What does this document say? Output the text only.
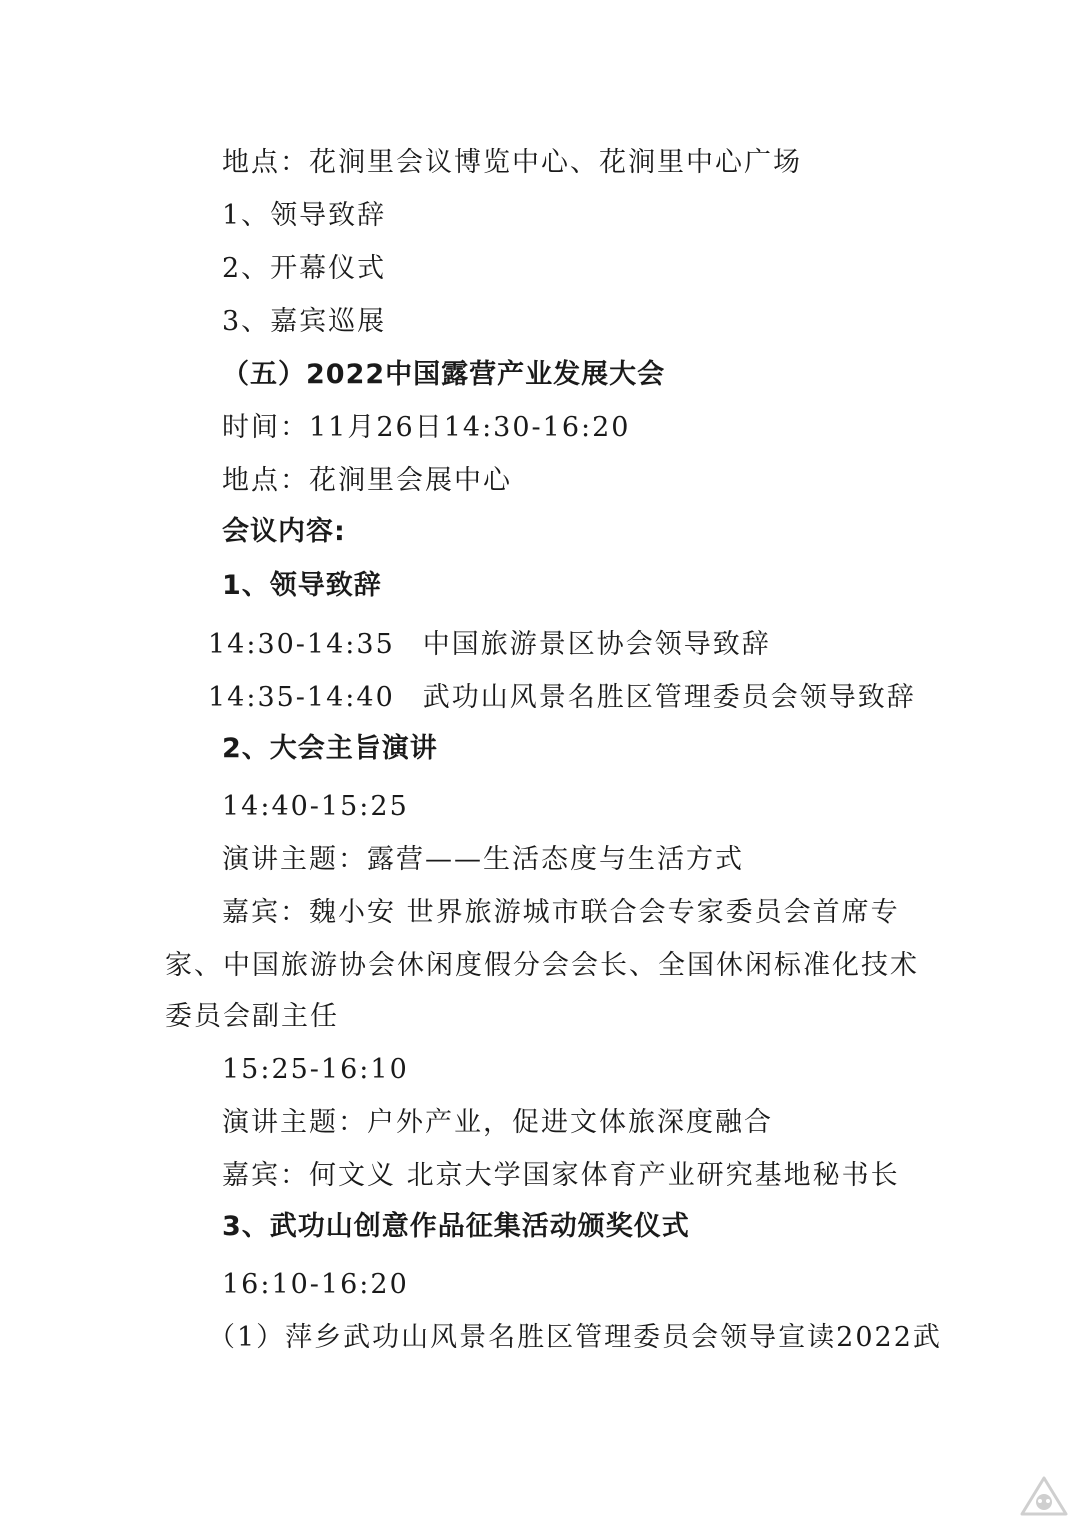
地点：花涧里会议博览中心、花涧里中心广场
1、领导致辞
2、开幕仪式
3、嘉宾巡展
（五）2022中国露营产业发展大会
时间：11月26日14:30-16:20
地点：花涧里会展中心
会议内容:
1、领导致辞
14:30-14:35 中国旅游景区协会领导致辞
14:35-14:40 武功山风景名胜区管理委员会领导致辞
2、大会主旨演讲
14:40-15:25
演讲主题：露营——生活态度与生活方式
嘉宾：魏小安 世界旅游城市联合会专家委员会首席专
家、中国旅游协会休闲度假分会会长、全国休闲标准化技术
委员会副主任
15:25-16:10
演讲主题：户外产业，促进文体旅深度融合
嘉宾：何文义 北京大学国家体育产业研究基地秘书长
3、武功山创意作品征集活动颁奖仪式
16:10-16:20
（1）萍乡武功山风景名胜区管理委员会领导宣读2022武
